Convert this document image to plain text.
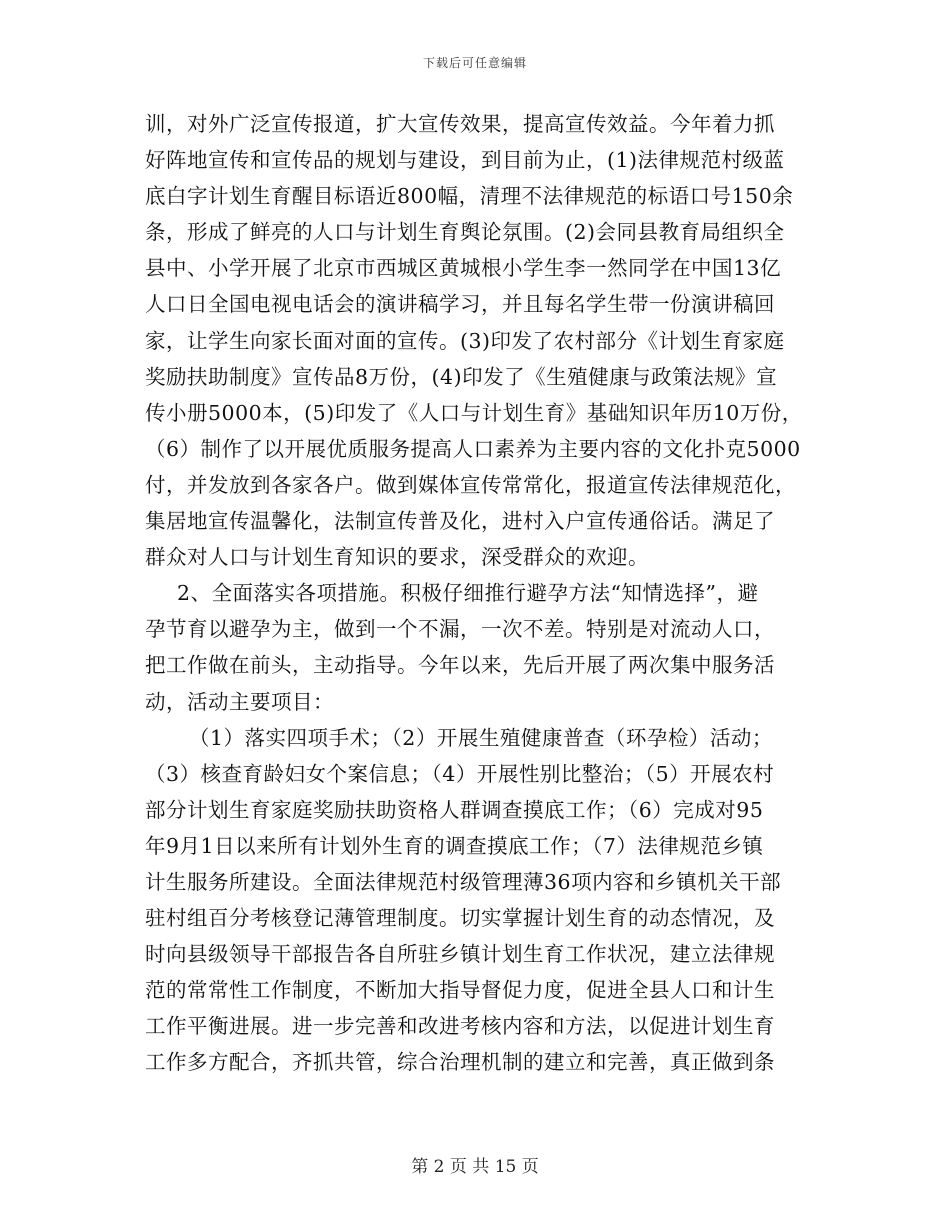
下载后可任意编辑
训，对外广泛宣传报道，扩大宣传效果，提高宣传效益。今年着力抓
好阵地宣传和宣传品的规划与建设，到目前为止，(1)法律规范村级蓝
底白字计划生育醒目标语近800幅，清理不法律规范的标语口号150余
条，形成了鲜亮的人口与计划生育舆论氛围。(2)会同县教育局组织全
县中、小学开展了北京市西城区黄城根小学生李一然同学在中国13亿
人口日全国电视电话会的演讲稿学习，并且每名学生带一份演讲稿回
家，让学生向家长面对面的宣传。(3)印发了农村部分《计划生育家庭
奖励扶助制度》宣传品8万份，(4)印发了《生殖健康与政策法规》宣
传小册5000本，(5)印发了《人口与计划生育》基础知识年历10万份，
（6）制作了以开展优质服务提高人口素养为主要内容的文化扑克5000
付，并发放到各家各户。做到媒体宣传常常化，报道宣传法律规范化，
集居地宣传温馨化，法制宣传普及化，进村入户宣传通俗话。满足了
群众对人口与计划生育知识的要求，深受群众的欢迎。
2、全面落实各项措施。积极仔细推行避孕方法“知情选择”，避
孕节育以避孕为主，做到一个不漏，一次不差。特别是对流动人口，
把工作做在前头，主动指导。今年以来，先后开展了两次集中服务活
动，活动主要项目：
（1）落实四项手术；（2）开展生殖健康普查（环孕检）活动；
（3）核查育龄妇女个案信息；（4）开展性别比整治；（5）开展农村
部分计划生育家庭奖励扶助资格人群调查摸底工作；（6）完成对95
年9月1日以来所有计划外生育的调查摸底工作；（7）法律规范乡镇
计生服务所建设。全面法律规范村级管理薄36项内容和乡镇机关干部
驻村组百分考核登记薄管理制度。切实掌握计划生育的动态情况，及
时向县级领导干部报告各自所驻乡镇计划生育工作状况，建立法律规
范的常常性工作制度，不断加大指导督促力度，促进全县人口和计生
工作平衡进展。进一步完善和改进考核内容和方法，以促进计划生育
工作多方配合，齐抓共管，综合治理机制的建立和完善，真正做到条
第 2 页 共 15 页
